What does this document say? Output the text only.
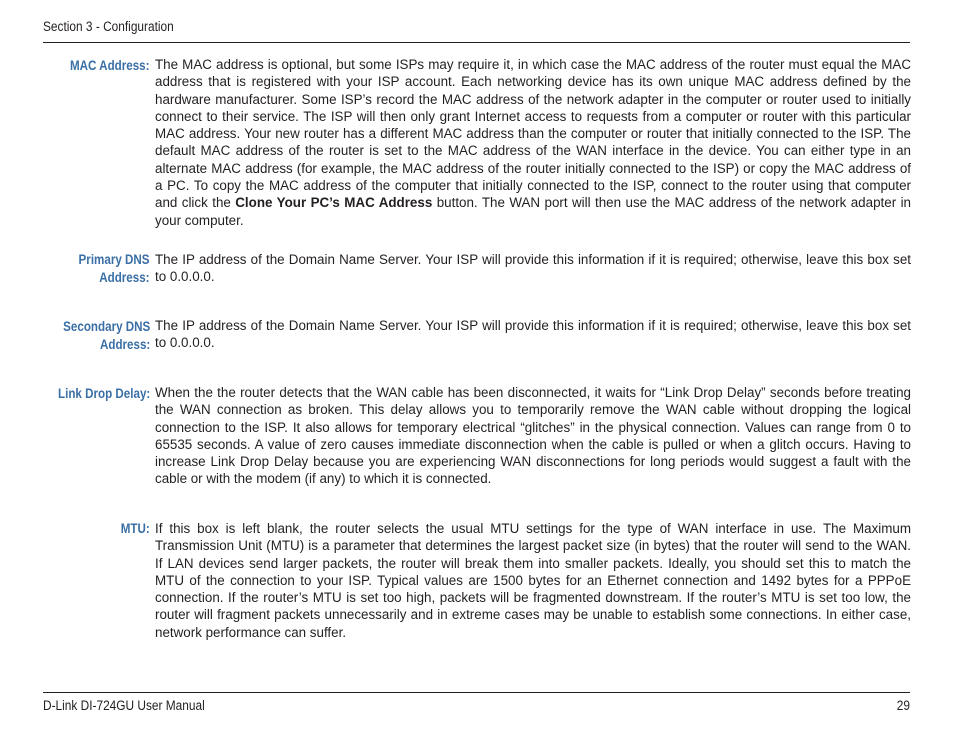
Section 3 - Configuration
MAC Address: The MAC address is optional, but some ISPs may require it, in which case the MAC address of the router must equal the MAC address that is registered with your ISP account. Each networking device has its own unique MAC address defined by the hardware manufacturer. Some ISP’s record the MAC address of the network adapter in the computer or router used to initially connect to their service. The ISP will then only grant Internet access to requests from a computer or router with this particular MAC address. Your new router has a different MAC address than the computer or router that initially connected to the ISP. The default MAC address of the router is set to the MAC address of the WAN interface in the device. You can either type in an alternate MAC address (for example, the MAC address of the router initially connected to the ISP) or copy the MAC address of a PC. To copy the MAC address of the computer that initially connected to the ISP, connect to the router using that computer and click the Clone Your PC’s MAC Address button. The WAN port will then use the MAC address of the network adapter in your computer.
Primary DNS
Address:
The IP address of the Domain Name Server. Your ISP will provide this information if it is required; otherwise, leave this box set to 0.0.0.0.
Secondary DNS
Address:
The IP address of the Domain Name Server. Your ISP will provide this information if it is required; otherwise, leave this box set to 0.0.0.0.
Link Drop Delay: When the the router detects that the WAN cable has been disconnected, it waits for “Link Drop Delay” seconds before treating the WAN connection as broken. This delay allows you to temporarily remove the WAN cable without dropping the logical connection to the ISP. It also allows for temporary electrical “glitches” in the physical connection. Values can range from 0 to 65535 seconds. A value of zero causes immediate disconnection when the cable is pulled or when a glitch occurs. Having to increase Link Drop Delay because you are experiencing WAN disconnections for long periods would suggest a fault with the cable or with the modem (if any) to which it is connected.
MTU: If this box is left blank, the router selects the usual MTU settings for the type of WAN interface in use. The Maximum Transmission Unit (MTU) is a parameter that determines the largest packet size (in bytes) that the router will send to the WAN. If LAN devices send larger packets, the router will break them into smaller packets. Ideally, you should set this to match the MTU of the connection to your ISP. Typical values are 1500 bytes for an Ethernet connection and 1492 bytes for a PPPoE connection. If the router’s MTU is set too high, packets will be fragmented downstream. If the router’s MTU is set too low, the router will fragment packets unnecessarily and in extreme cases may be unable to establish some connections. In either case, network performance can suffer.
D-Link DI-724GU User Manual	29
